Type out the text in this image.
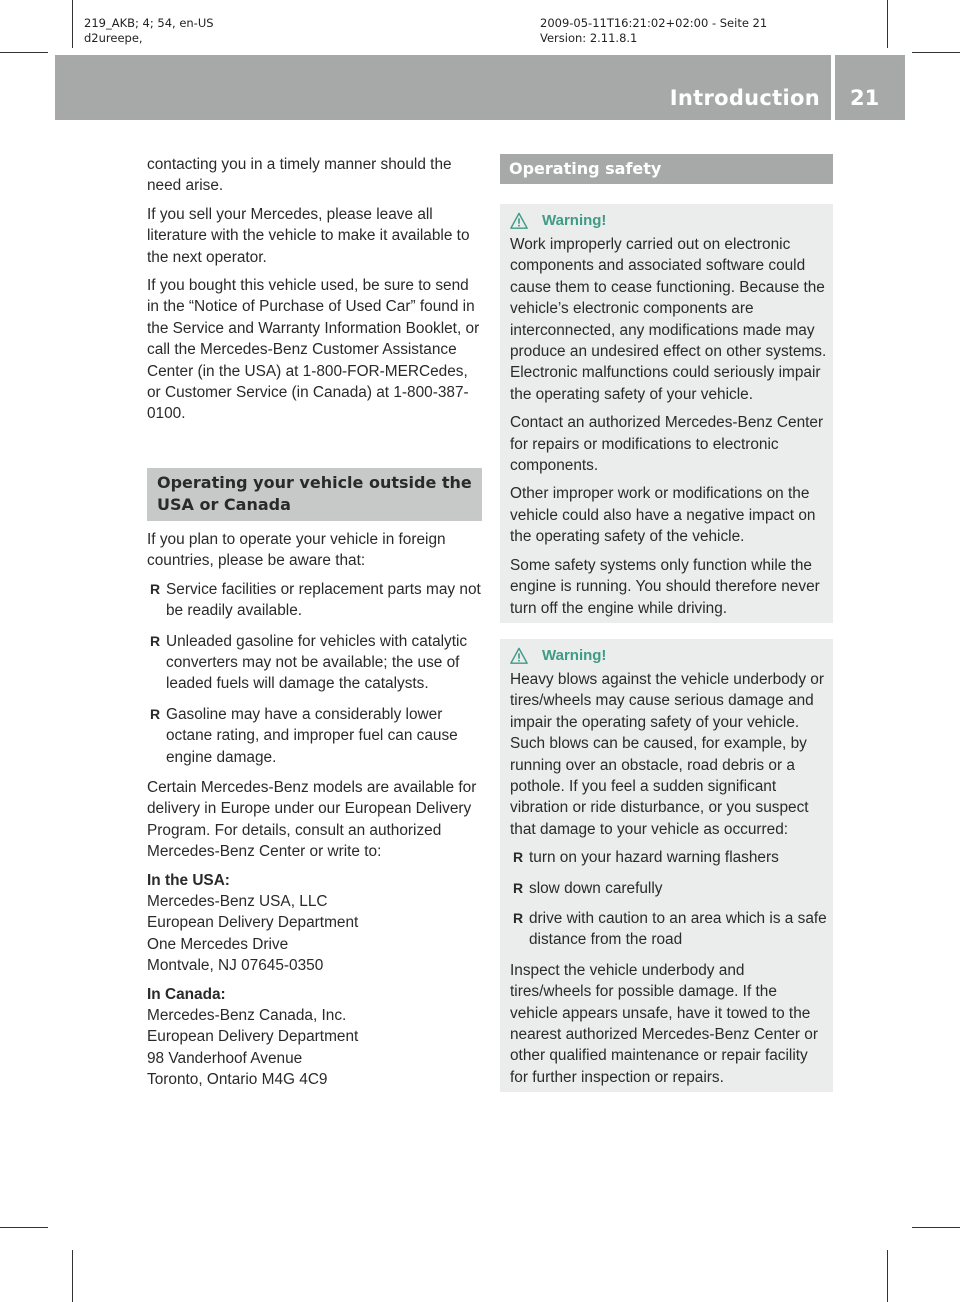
219_AKB; 4; 54, en-US
d2ureepe,
2009-05-11T16:21:02+02:00 - Seite 21
Version: 2.11.8.1
Introduction 21

contacting you in a timely manner should the need arise.

If you sell your Mercedes, please leave all literature with the vehicle to make it available to the next operator.

If you bought this vehicle used, be sure to send in the “Notice of Purchase of Used Car” found in the Service and Warranty Information Booklet, or call the Mercedes-Benz Customer Assistance Center (in the USA) at 1-800-FOR-MERCedes, or Customer Service (in Canada) at 1-800-387-0100.

Operating your vehicle outside the USA or Canada

If you plan to operate your vehicle in foreign countries, please be aware that:

R Service facilities or replacement parts may not be readily available.
R Unleaded gasoline for vehicles with catalytic converters may not be available; the use of leaded fuels will damage the catalysts.
R Gasoline may have a considerably lower octane rating, and improper fuel can cause engine damage.

Certain Mercedes-Benz models are available for delivery in Europe under our European Delivery Program. For details, consult an authorized Mercedes-Benz Center or write to:

In the USA:
Mercedes-Benz USA, LLC
European Delivery Department
One Mercedes Drive
Montvale, NJ 07645-0350
In Canada:
Mercedes-Benz Canada, Inc.
European Delivery Department
98 Vanderhoof Avenue
Toronto, Ontario M4G 4C9
Operating safety
Warning!

Work improperly carried out on electronic components and associated software could cause them to cease functioning. Because the vehicle’s electronic components are interconnected, any modifications made may produce an undesired effect on other systems. Electronic malfunctions could seriously impair the operating safety of your vehicle.

Contact an authorized Mercedes-Benz Center for repairs or modifications to electronic components.

Other improper work or modifications on the vehicle could also have a negative impact on the operating safety of the vehicle.

Some safety systems only function while the engine is running. You should therefore never turn off the engine while driving.

Warning!

Heavy blows against the vehicle underbody or tires/wheels may cause serious damage and impair the operating safety of your vehicle. Such blows can be caused, for example, by running over an obstacle, road debris or a pothole. If you feel a sudden significant vibration or ride disturbance, or you suspect that damage to your vehicle as occurred:

R turn on your hazard warning flashers
R slow down carefully
R drive with caution to an area which is a safe distance from the road

Inspect the vehicle underbody and tires/wheels for possible damage. If the vehicle appears unsafe, have it towed to the nearest authorized Mercedes-Benz Center or other qualified maintenance or repair facility for further inspection or repairs.
